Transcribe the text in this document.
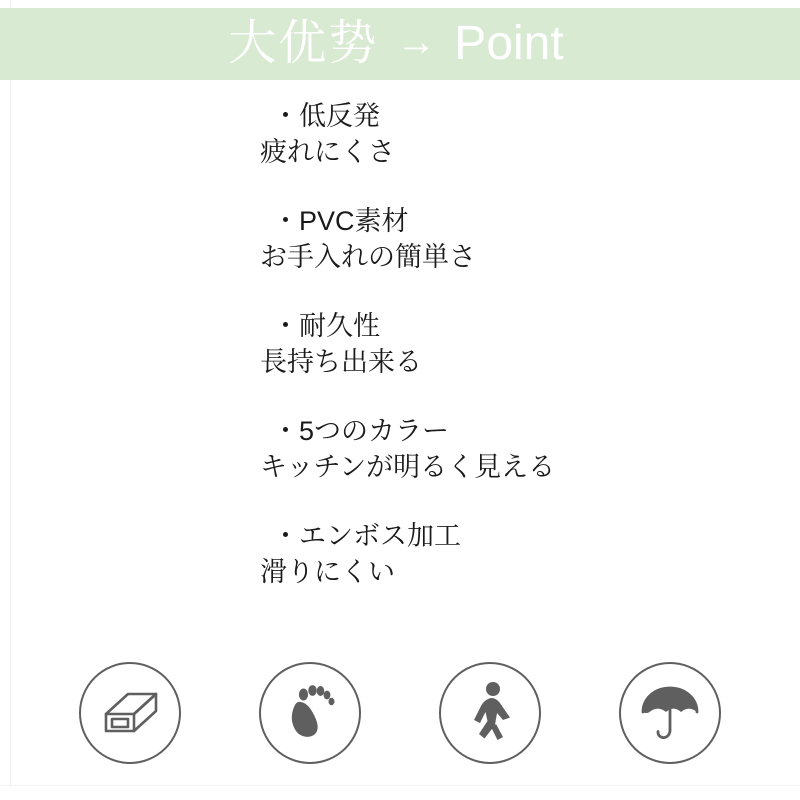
大优势 → Point
・低反発
疲れにくさ
・PVC素材
お手入れの簡単さ
・耐久性
長持ち出来る
・5つのカラー
キッチンが明るく見える
・エンボス加工
滑りにくい
